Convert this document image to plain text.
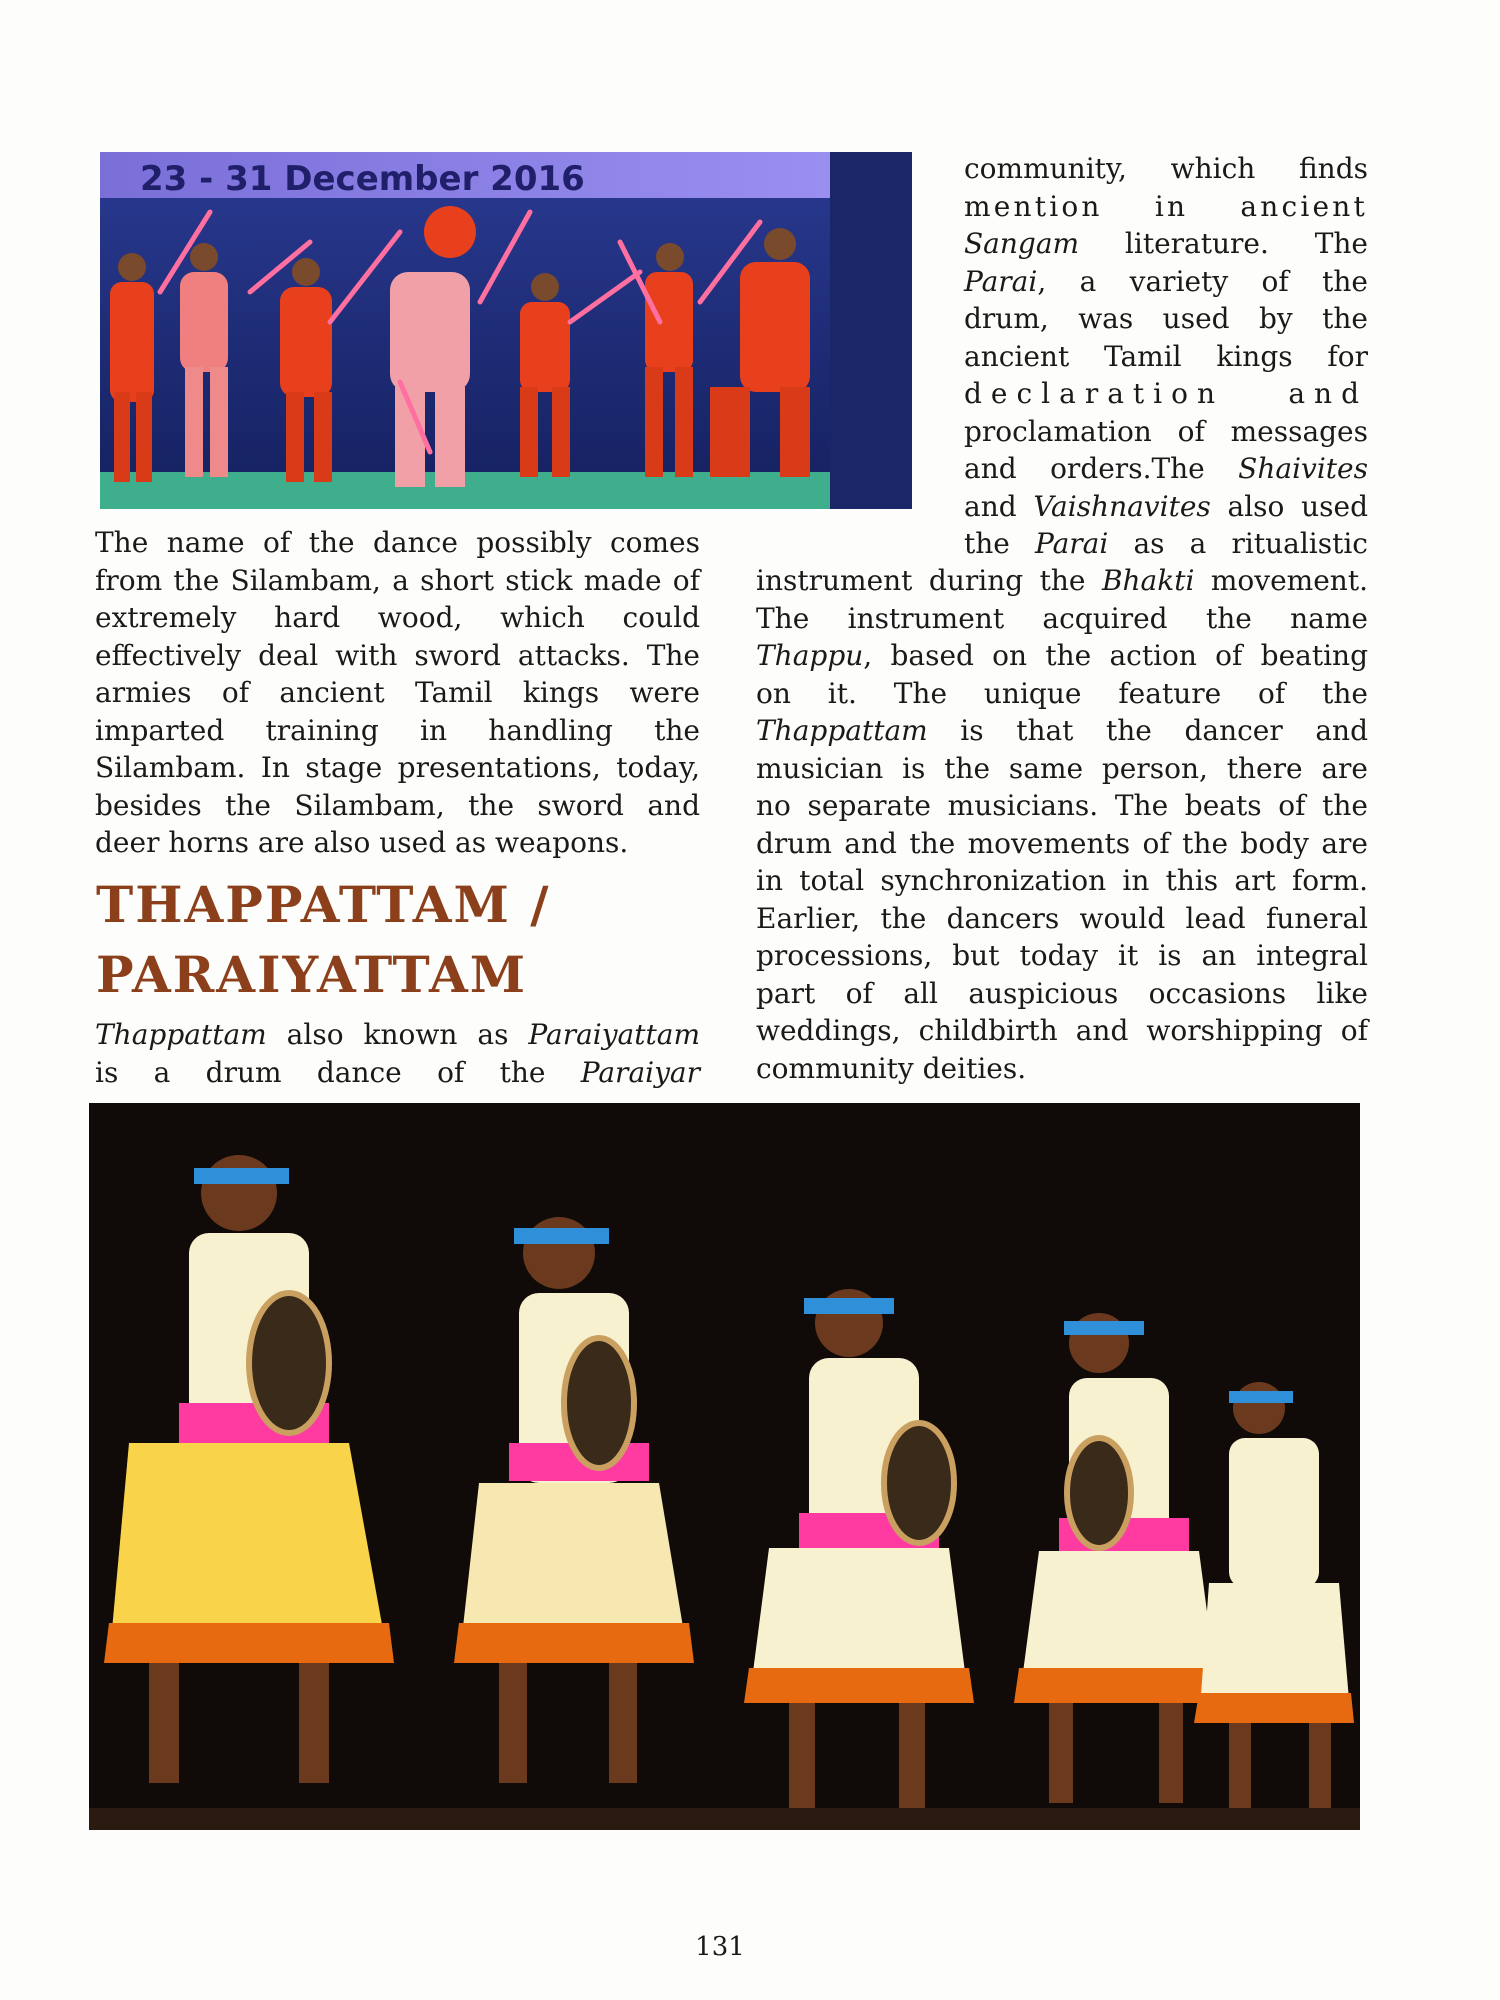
23 - 31 December 2016	community, which finds
mention in ancient
Sangam literature. The
Parai, a variety of the
drum, was used by the
ancient Tamil kings for
declaration and
proclamation of messages
and orders.The Shaivites
and Vaishnavites also used
the Parai as a ritualistic
The name of the dance possibly comes
from the Silambam, a short stick made of
extremely hard wood, which could
effectively deal with sword attacks. The
armies of ancient Tamil kings were
imparted training in handling the
Silambam. In stage presentations, today,
besides the Silambam, the sword and
deer horns are also used as weapons.
THAPPATTAM /
PARAIYATTAM
Thappattam also known as Paraiyattam
is a drum dance of the Paraiyar
instrument during the Bhakti movement.
The instrument acquired the name
Thappu, based on the action of beating
on it. The unique feature of the
Thappattam is that the dancer and
musician is the same person, there are
no separate musicians. The beats of the
drum and the movements of the body are
in total synchronization in this art form.
Earlier, the dancers would lead funeral
processions, but today it is an integral
part of all auspicious occasions like
weddings, childbirth and worshipping of
community deities.
131
